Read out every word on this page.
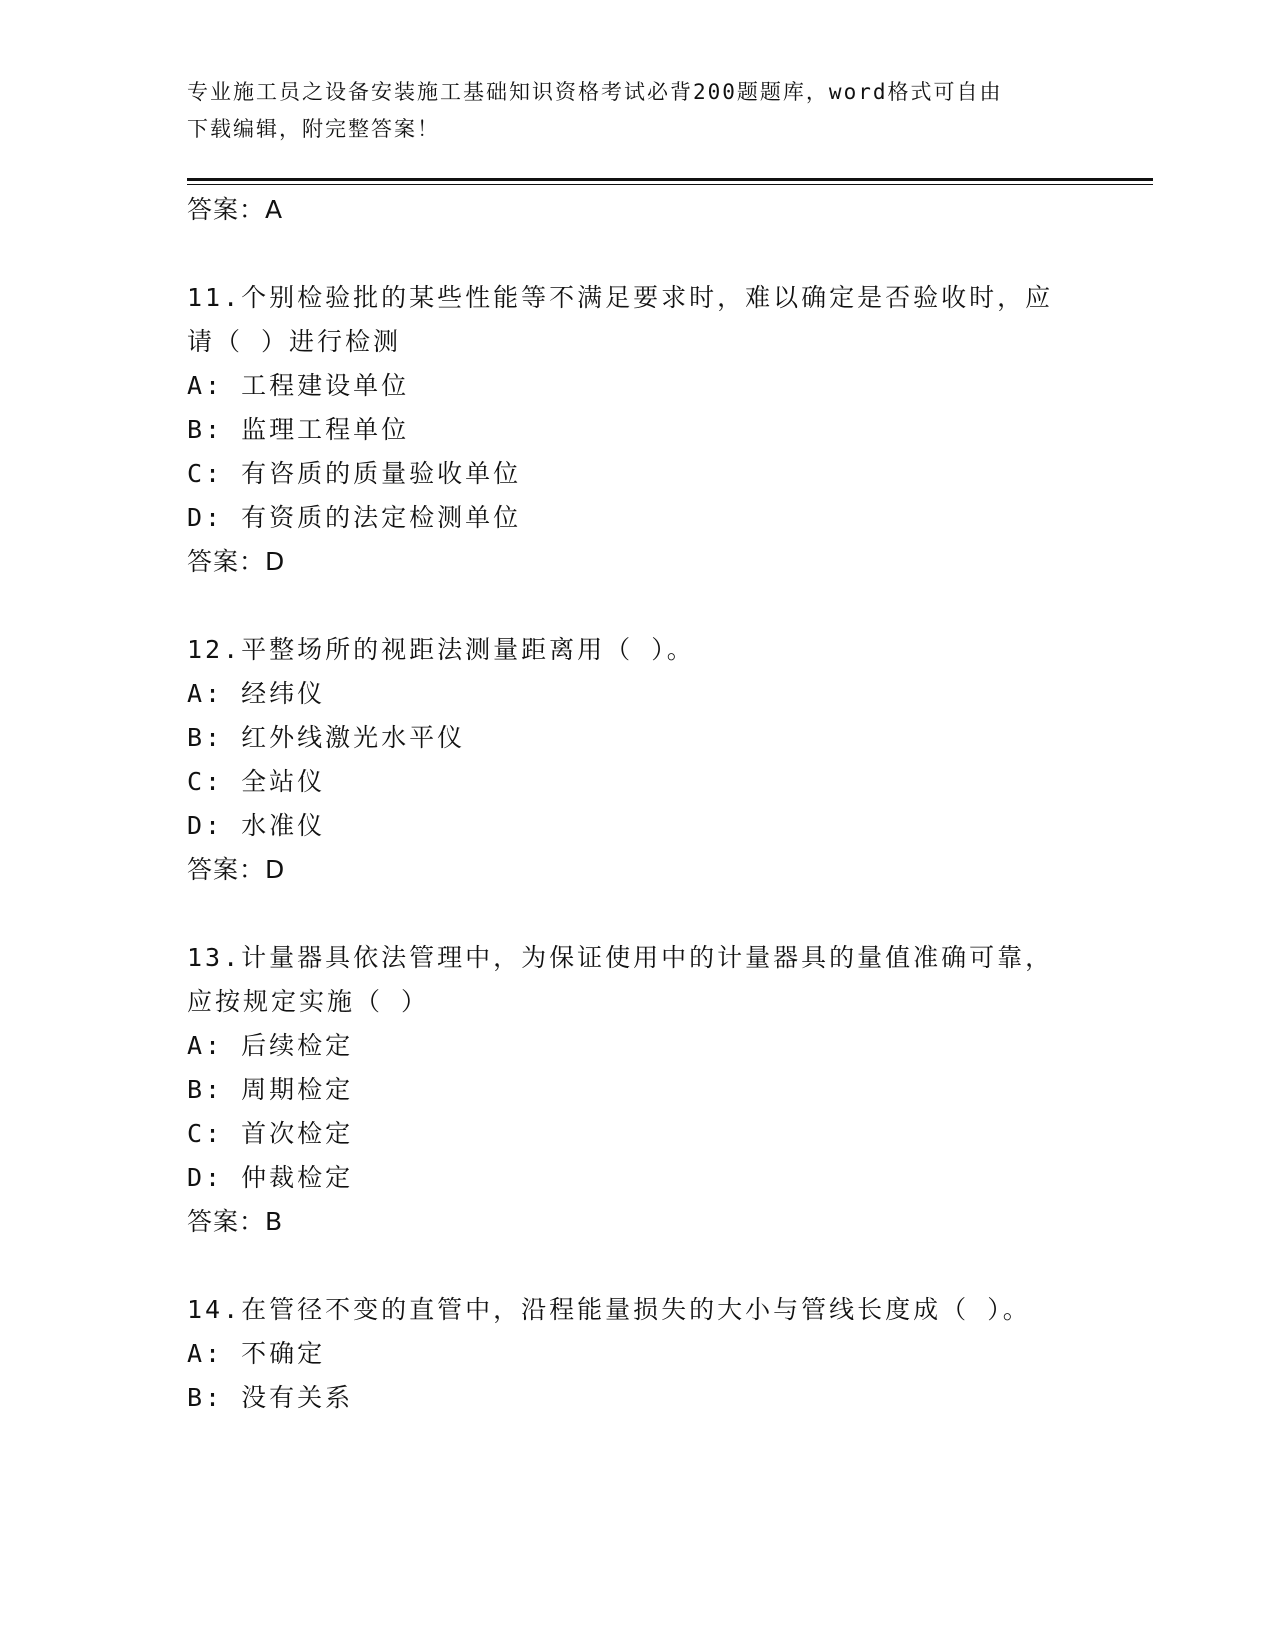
专业施工员之设备安装施工基础知识资格考试必背200题题库，word格式可自由
下载编辑，附完整答案！
答案：A
11.个别检验批的某些性能等不满足要求时，难以确定是否验收时，应
请（ ）进行检测
A: 工程建设单位
B: 监理工程单位
C: 有咨质的质量验收单位
D: 有资质的法定检测单位
答案：D
12.平整场所的视距法测量距离用（ ）。
A: 经纬仪
B: 红外线激光水平仪
C: 全站仪
D: 水准仪
答案：D
13.计量器具依法管理中，为保证使用中的计量器具的量值准确可靠，
应按规定实施（ ）
A: 后续检定
B: 周期检定
C: 首次检定
D: 仲裁检定
答案：B
14.在管径不变的直管中，沿程能量损失的大小与管线长度成（ ）。
A: 不确定
B: 没有关系
